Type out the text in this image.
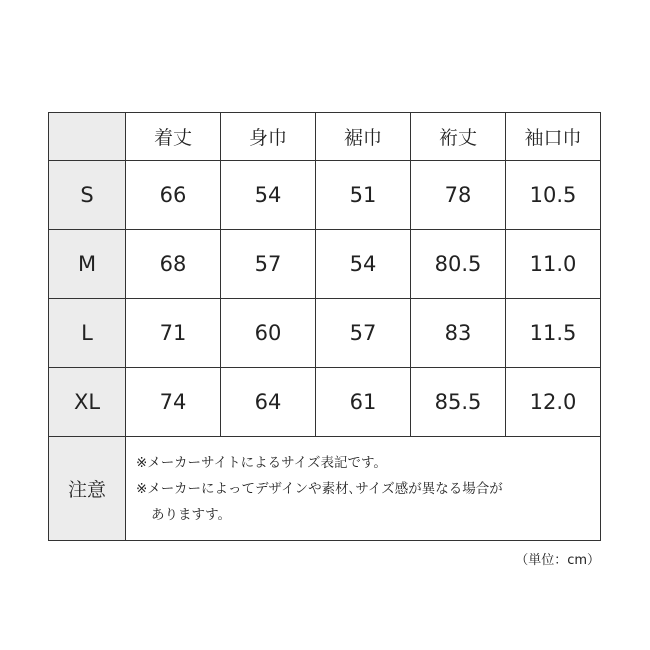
	着丈	身巾	裾巾	裄丈	袖口巾
S	66	54	51	78	10.5
M	68	57	54	80.5	11.0
L	71	60	57	83	11.5
XL	74	64	61	85.5	12.0
注意	※メーカーサイトによるサイズ表記です。
※メーカーによってデザインや素材､サイズ感が異なる場合が
ありますす。				
（単位：cm）
